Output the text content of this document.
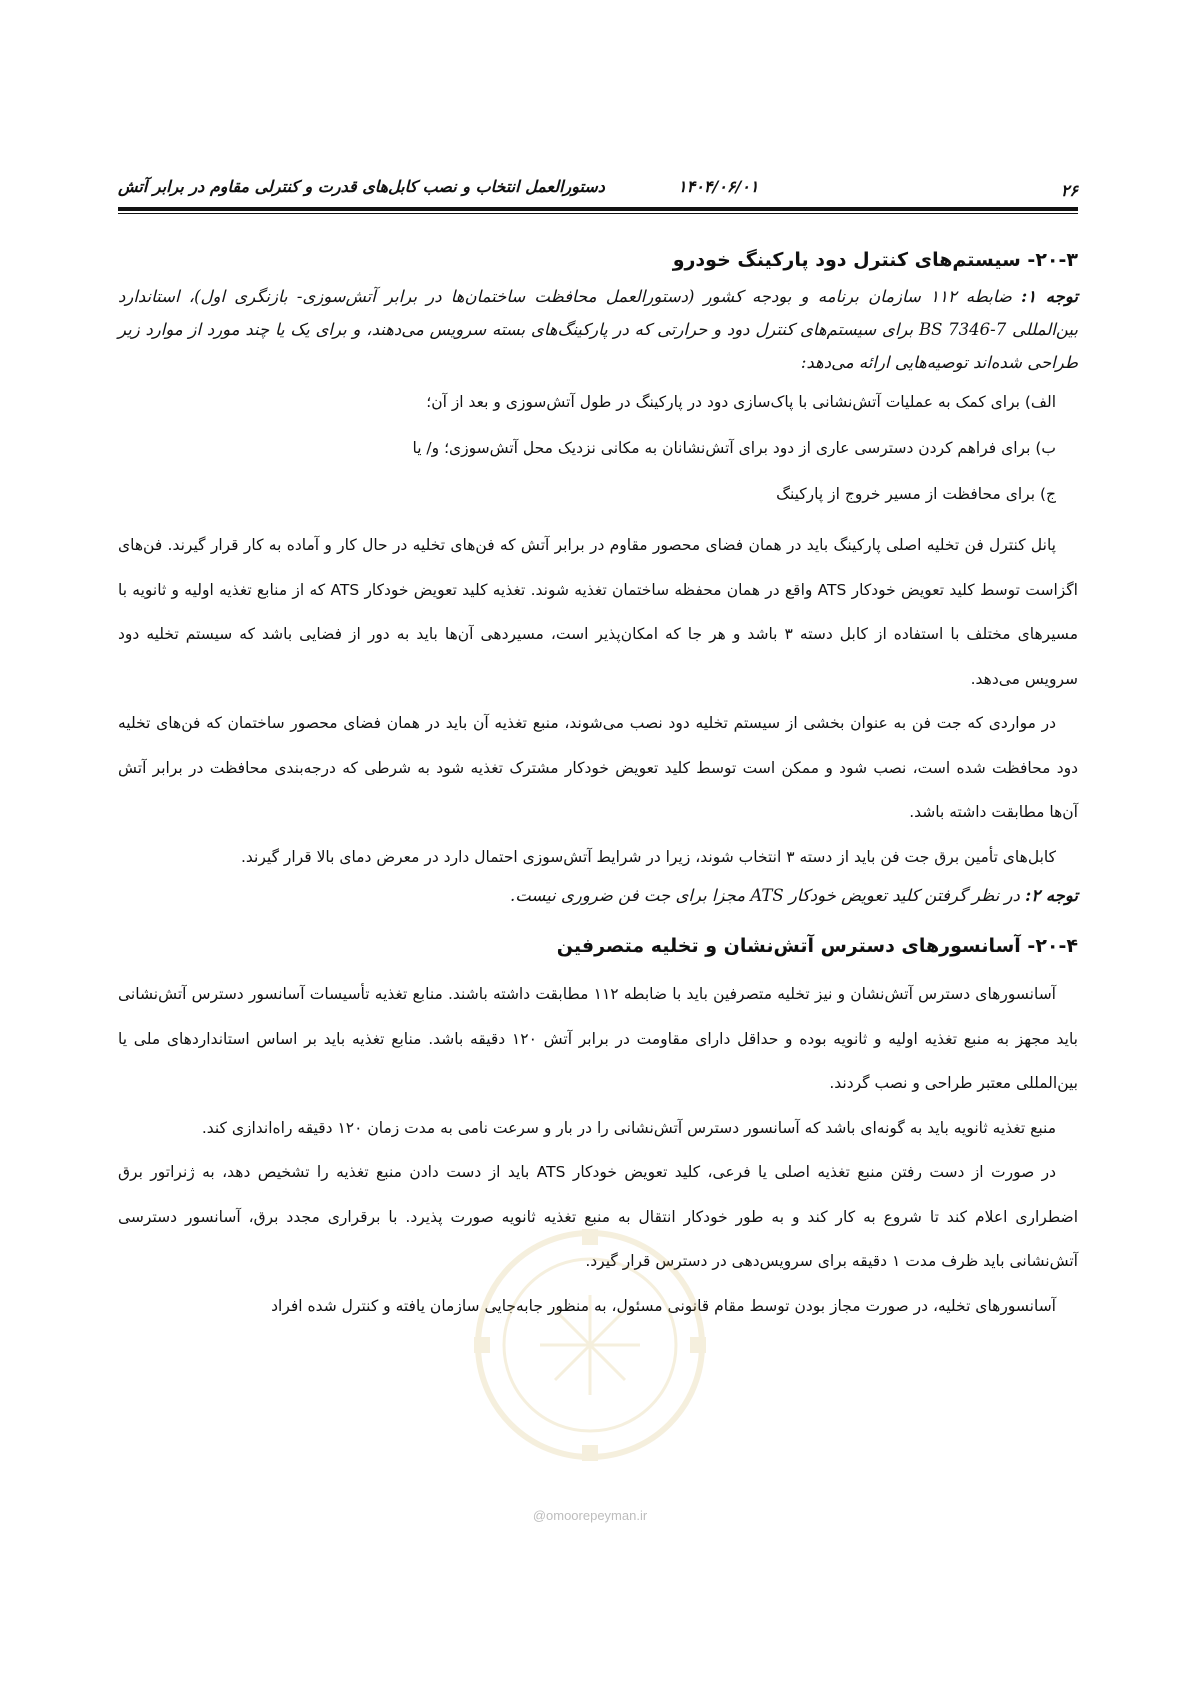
۲۶
۱۴۰۴/۰۶/۰۱
دستورالعمل انتخاب و نصب کابل‌های قدرت و کنترلی مقاوم در برابر آتش
۲۰-۳- سیستم‌های کنترل دود پارکینگ خودرو

توجه ۱: ضابطه ۱۱۲ سازمان برنامه و بودجه کشور (دستورالعمل محافظت ساختمان‌ها در برابر آتش‌سوزی- بازنگری اول)، استاندارد بین‌المللی BS 7346-7 برای سیستم‌های کنترل دود و حرارتی که در پارکینگ‌های بسته سرویس می‌دهند، و برای یک یا چند مورد از موارد زیر طراحی شده‌اند توصیه‌هایی ارائه می‌دهد:

الف) برای کمک به عملیات آتش‌نشانی با پاک‌سازی دود در پارکینگ در طول آتش‌سوزی و بعد از آن؛

ب) برای فراهم کردن دسترسی عاری از دود برای آتش‌نشانان به مکانی نزدیک محل آتش‌سوزی؛ و/ یا

ج) برای محافظت از مسیر خروج از پارکینگ

پانل کنترل فن تخلیه اصلی پارکینگ باید در همان فضای محصور مقاوم در برابر آتش که فن‌های تخلیه در حال کار و آماده به کار قرار گیرند. فن‌های اگزاست توسط کلید تعویض خودکار ATS واقع در همان محفظه ساختمان تغذیه شوند. تغذیه کلید تعویض خودکار ATS که از منابع تغذیه اولیه و ثانویه با مسیرهای مختلف با استفاده از کابل دسته ۳ باشد و هر جا که امکان‌پذیر است، مسیردهی آن‌ها باید به دور از فضایی باشد که سیستم تخلیه دود سرویس می‌دهد.

در مواردی که جت فن به عنوان بخشی از سیستم تخلیه دود نصب می‌شوند، منبع تغذیه آن باید در همان فضای محصور ساختمان که فن‌های تخلیه دود محافظت شده است، نصب شود و ممکن است توسط کلید تعویض خودکار مشترک تغذیه شود به شرطی که درجه‌بندی محافظت در برابر آتش آن‌ها مطابقت داشته باشد.

کابل‌های تأمین برق جت فن باید از دسته ۳ انتخاب شوند، زیرا در شرایط آتش‌سوزی احتمال دارد در معرض دمای بالا قرار گیرند.

توجه ۲: در نظر گرفتن کلید تعویض خودکار ATS مجزا برای جت فن ضروری نیست.

۲۰-۴- آسانسورهای دسترس آتش‌نشان و تخلیه متصرفین

آسانسورهای دسترس آتش‌نشان و نیز تخلیه متصرفین باید با ضابطه ۱۱۲ مطابقت داشته باشند. منابع تغذیه تأسیسات آسانسور دسترس آتش‌نشانی باید مجهز به منبع تغذیه اولیه و ثانویه بوده و حداقل دارای مقاومت در برابر آتش ۱۲۰ دقیقه باشد. منابع تغذیه باید بر اساس استانداردهای ملی یا بین‌المللی معتبر طراحی و نصب گردند.

منبع تغذیه ثانویه باید به گونه‌ای باشد که آسانسور دسترس آتش‌نشانی را در بار و سرعت نامی به مدت زمان ۱۲۰ دقیقه راه‌اندازی کند.

در صورت از دست رفتن منبع تغذیه اصلی یا فرعی، کلید تعویض خودکار ATS باید از دست دادن منبع تغذیه را تشخیص دهد، به ژنراتور برق اضطراری اعلام کند تا شروع به کار کند و به طور خودکار انتقال به منبع تغذیه ثانویه صورت پذیرد. با برقراری مجدد برق، آسانسور دسترسی آتش‌نشانی باید ظرف مدت ۱ دقیقه برای سرویس‌دهی در دسترس قرار گیرد.

آسانسورهای تخلیه، در صورت مجاز بودن توسط مقام قانونی مسئول، به منظور جابه‌جایی سازمان یافته و کنترل شده افراد

@omoorepeyman.ir
